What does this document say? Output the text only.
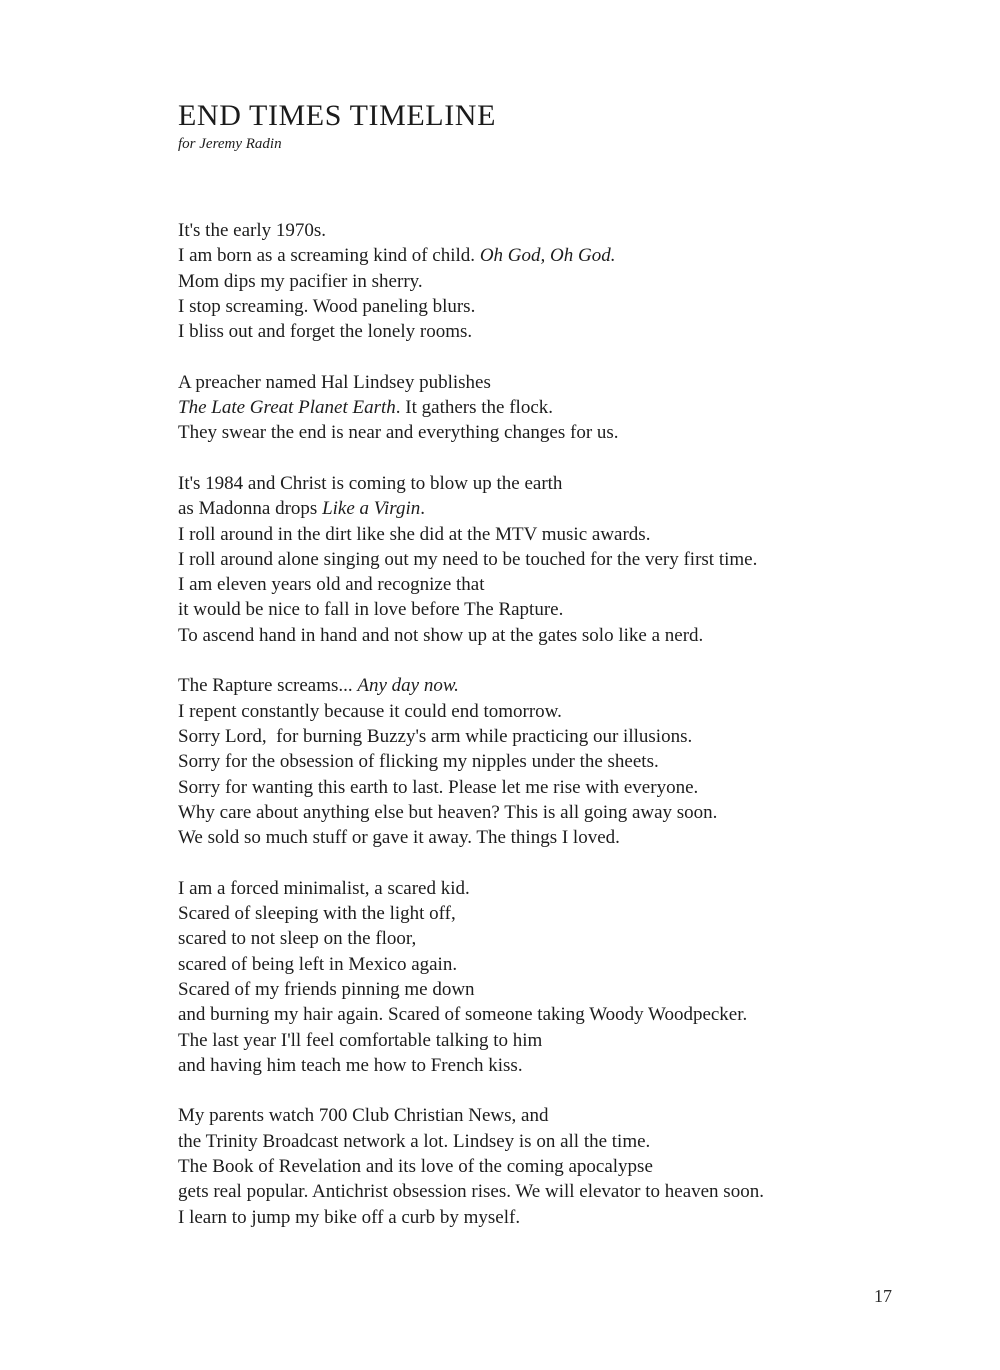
END TIMES TIMELINE
for Jeremy Radin
It's the early 1970s.
I am born as a screaming kind of child. Oh God, Oh God.
Mom dips my pacifier in sherry.
I stop screaming. Wood paneling blurs.
I bliss out and forget the lonely rooms.
A preacher named Hal Lindsey publishes
The Late Great Planet Earth. It gathers the flock.
They swear the end is near and everything changes for us.
It's 1984 and Christ is coming to blow up the earth
as Madonna drops Like a Virgin.
I roll around in the dirt like she did at the MTV music awards.
I roll around alone singing out my need to be touched for the very first time.
I am eleven years old and recognize that
it would be nice to fall in love before The Rapture.
To ascend hand in hand and not show up at the gates solo like a nerd.
The Rapture screams... Any day now.
I repent constantly because it could end tomorrow.
Sorry Lord,  for burning Buzzy's arm while practicing our illusions.
Sorry for the obsession of flicking my nipples under the sheets.
Sorry for wanting this earth to last. Please let me rise with everyone.
Why care about anything else but heaven? This is all going away soon.
We sold so much stuff or gave it away. The things I loved.
I am a forced minimalist, a scared kid.
Scared of sleeping with the light off,
scared to not sleep on the floor,
scared of being left in Mexico again.
Scared of my friends pinning me down
and burning my hair again. Scared of someone taking Woody Woodpecker.
The last year I'll feel comfortable talking to him
and having him teach me how to French kiss.
My parents watch 700 Club Christian News, and
the Trinity Broadcast network a lot. Lindsey is on all the time.
The Book of Revelation and its love of the coming apocalypse
gets real popular. Antichrist obsession rises. We will elevator to heaven soon.
I learn to jump my bike off a curb by myself.
17
